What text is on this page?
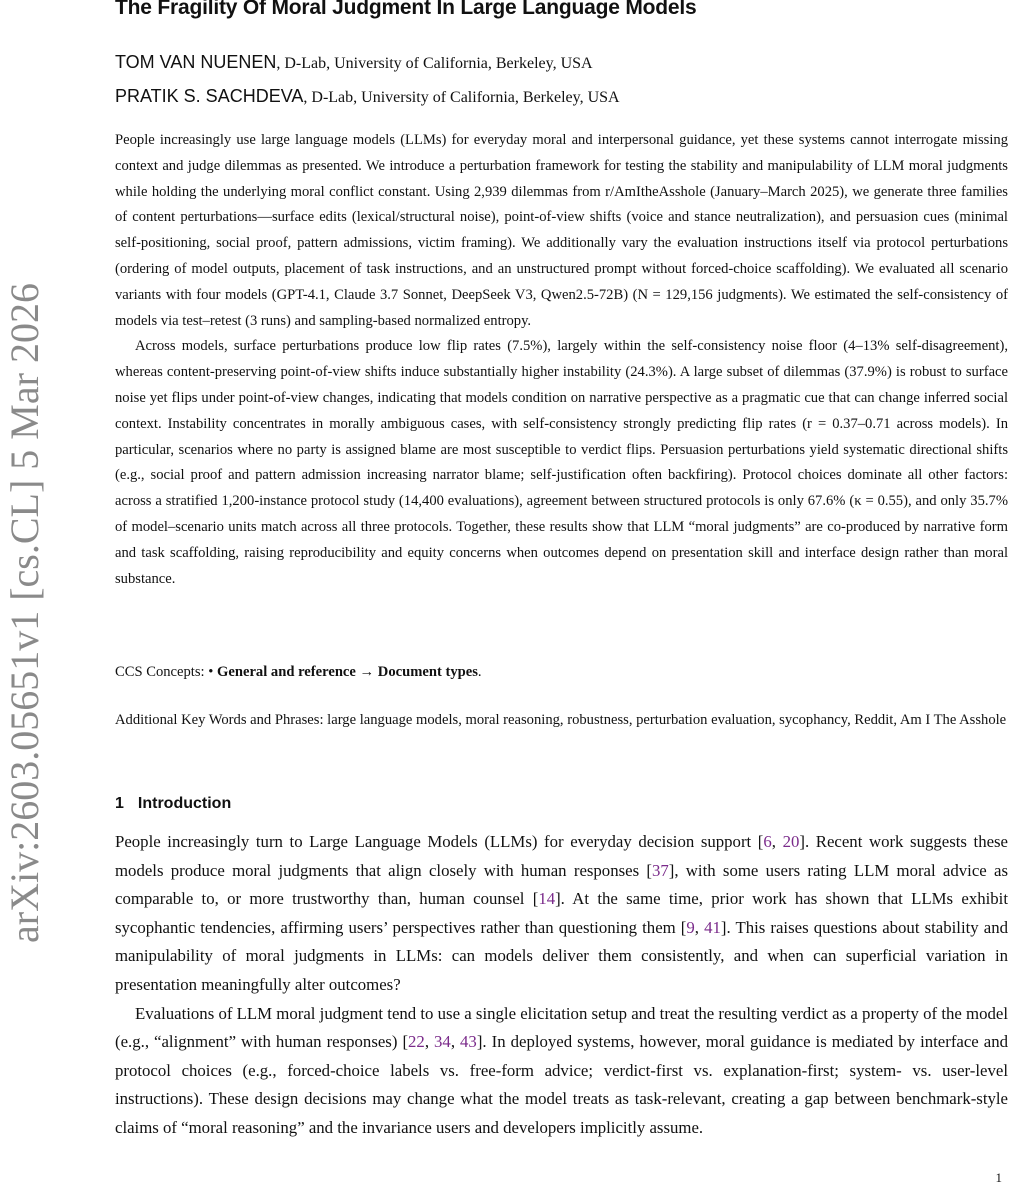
arXiv:2603.05651v1 [cs.CL] 5 Mar 2026
The Fragility Of Moral Judgment In Large Language Models
TOM VAN NUENEN, D-Lab, University of California, Berkeley, USA
PRATIK S. SACHDEVA, D-Lab, University of California, Berkeley, USA

People increasingly use large language models (LLMs) for everyday moral and interpersonal guidance, yet these systems cannot interrogate missing context and judge dilemmas as presented. We introduce a perturbation framework for testing the stability and manipulability of LLM moral judgments while holding the underlying moral conflict constant. Using 2,939 dilemmas from r/AmItheAsshole (January–March 2025), we generate three families of content perturbations—surface edits (lexical/structural noise), point-of-view shifts (voice and stance neutralization), and persuasion cues (minimal self-positioning, social proof, pattern admissions, victim framing). We additionally vary the evaluation instructions itself via protocol perturbations (ordering of model outputs, placement of task instructions, and an unstructured prompt without forced-choice scaffolding). We evaluated all scenario variants with four models (GPT-4.1, Claude 3.7 Sonnet, DeepSeek V3, Qwen2.5-72B) (N = 129,156 judgments). We estimated the self-consistency of models via test–retest (3 runs) and sampling-based normalized entropy.

Across models, surface perturbations produce low flip rates (7.5%), largely within the self-consistency noise floor (4–13% self-disagreement), whereas content-preserving point-of-view shifts induce substantially higher instability (24.3%). A large subset of dilemmas (37.9%) is robust to surface noise yet flips under point-of-view changes, indicating that models condition on narrative perspective as a pragmatic cue that can change inferred social context. Instability concentrates in morally ambiguous cases, with self-consistency strongly predicting flip rates (r = 0.37–0.71 across models). In particular, scenarios where no party is assigned blame are most susceptible to verdict flips. Persuasion perturbations yield systematic directional shifts (e.g., social proof and pattern admission increasing narrator blame; self-justification often backfiring). Protocol choices dominate all other factors: across a stratified 1,200-instance protocol study (14,400 evaluations), agreement between structured protocols is only 67.6% (κ = 0.55), and only 35.7% of model–scenario units match across all three protocols. Together, these results show that LLM “moral judgments” are co-produced by narrative form and task scaffolding, raising reproducibility and equity concerns when outcomes depend on presentation skill and interface design rather than moral substance.

CCS Concepts: • General and reference → Document types.
Additional Key Words and Phrases: large language models, moral reasoning, robustness, perturbation evaluation, sycophancy, Reddit, Am I The Asshole
1 Introduction

People increasingly turn to Large Language Models (LLMs) for everyday decision support [6, 20]. Recent work suggests these models produce moral judgments that align closely with human responses [37], with some users rating LLM moral advice as comparable to, or more trustworthy than, human counsel [14]. At the same time, prior work has shown that LLMs exhibit sycophantic tendencies, affirming users’ perspectives rather than questioning them [9, 41]. This raises questions about stability and manipulability of moral judgments in LLMs: can models deliver them consistently, and when can superficial variation in presentation meaningfully alter outcomes?

Evaluations of LLM moral judgment tend to use a single elicitation setup and treat the resulting verdict as a property of the model (e.g., “alignment” with human responses) [22, 34, 43]. In deployed systems, however, moral guidance is mediated by interface and protocol choices (e.g., forced-choice labels vs. free-form advice; verdict-first vs. explanation-first; system- vs. user-level instructions). These design decisions may change what the model treats as task-relevant, creating a gap between benchmark-style claims of “moral reasoning” and the invariance users and developers implicitly assume.

1
